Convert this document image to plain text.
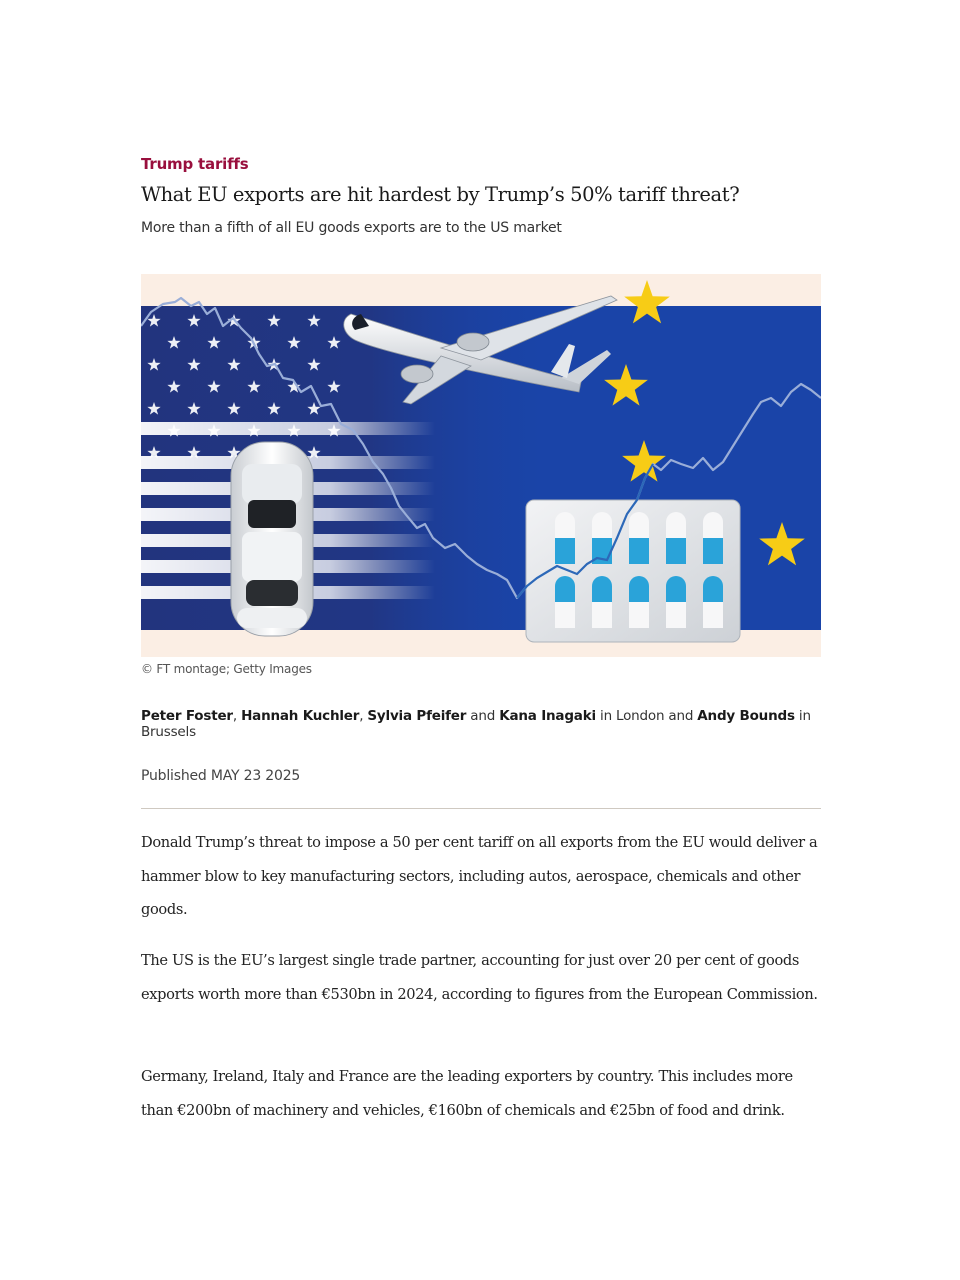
Trump tariffs
What EU exports are hit hardest by Trump’s 50% tariff threat?
More than a fifth of all EU goods exports are to the US market
© FT montage; Getty Images
Peter Foster, Hannah Kuchler, Sylvia Pfeifer and Kana Inagaki in London and Andy Bounds in Brussels
Published MAY 23 2025

Donald Trump’s threat to impose a 50 per cent tariff on all exports from the EU would deliver a hammer blow to key manufacturing sectors, including autos, aerospace, chemicals and other goods.

The US is the EU’s largest single trade partner, accounting for just over 20 per cent of goods exports worth more than €530bn in 2024, according to figures from the European Commission.

Germany, Ireland, Italy and France are the leading exporters by country. This includes more than €200bn of machinery and vehicles, €160bn of chemicals and €25bn of food and drink.
